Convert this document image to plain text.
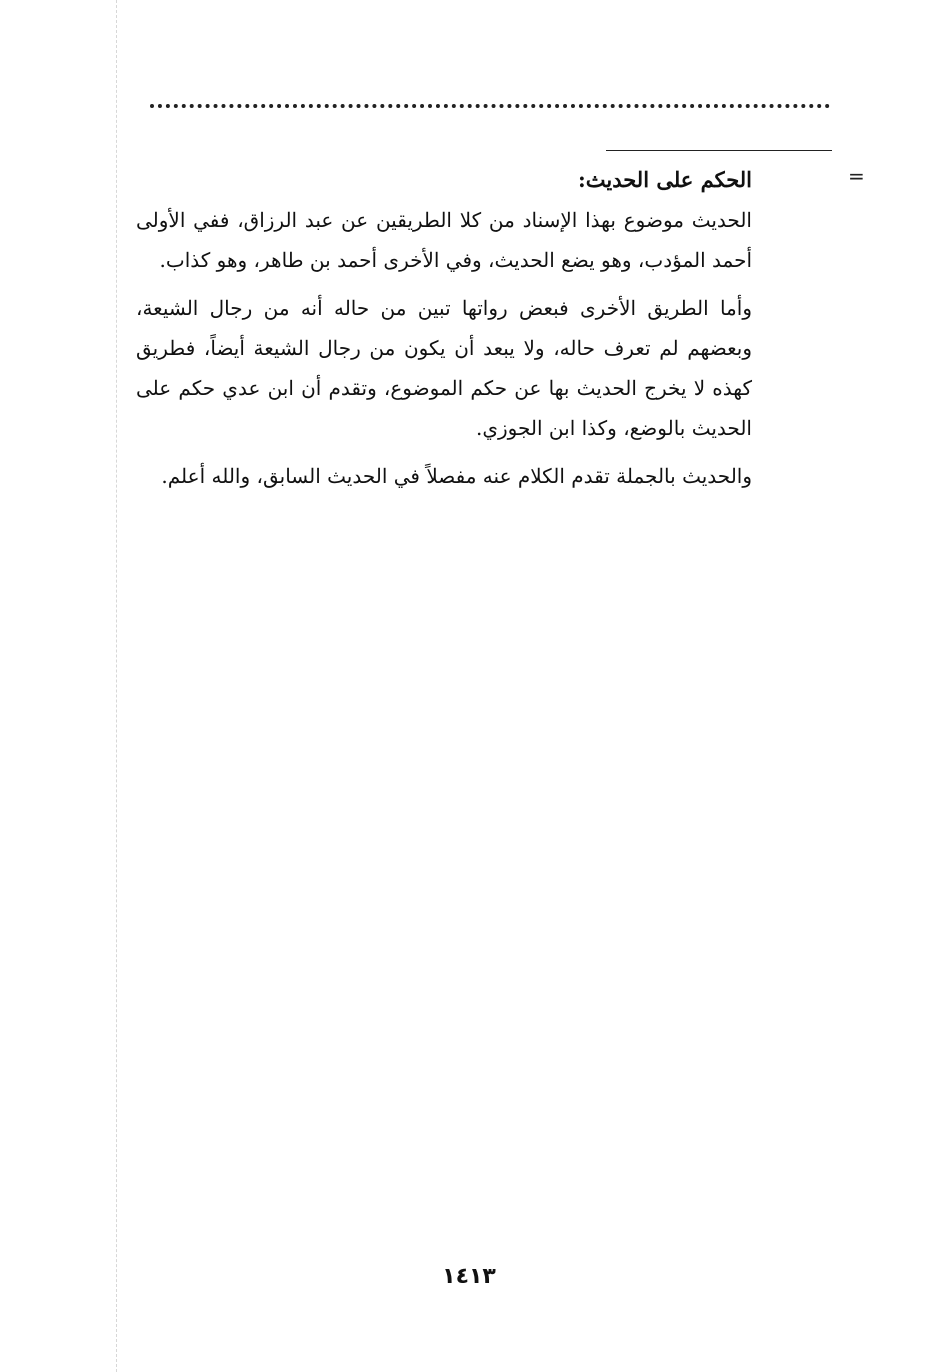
=
الحكم على الحديث:

الحديث موضوع بهذا الإسناد من كلا الطريقين عن عبد الرزاق، ففي الأولى أحمد المؤدب، وهو يضع الحديث، وفي الأخرى أحمد بن طاهر، وهو كذاب.

وأما الطريق الأخرى فبعض رواتها تبين من حاله أنه من رجال الشيعة، وبعضهم لم تعرف حاله، ولا يبعد أن يكون من رجال الشيعة أيضاً، فطريق كهذه لا يخرج الحديث بها عن حكم الموضوع، وتقدم أن ابن عدي حكم على الحديث بالوضع، وكذا ابن الجوزي.

والحديث بالجملة تقدم الكلام عنه مفصلاً في الحديث السابق، والله أعلم.

١٤١٣
